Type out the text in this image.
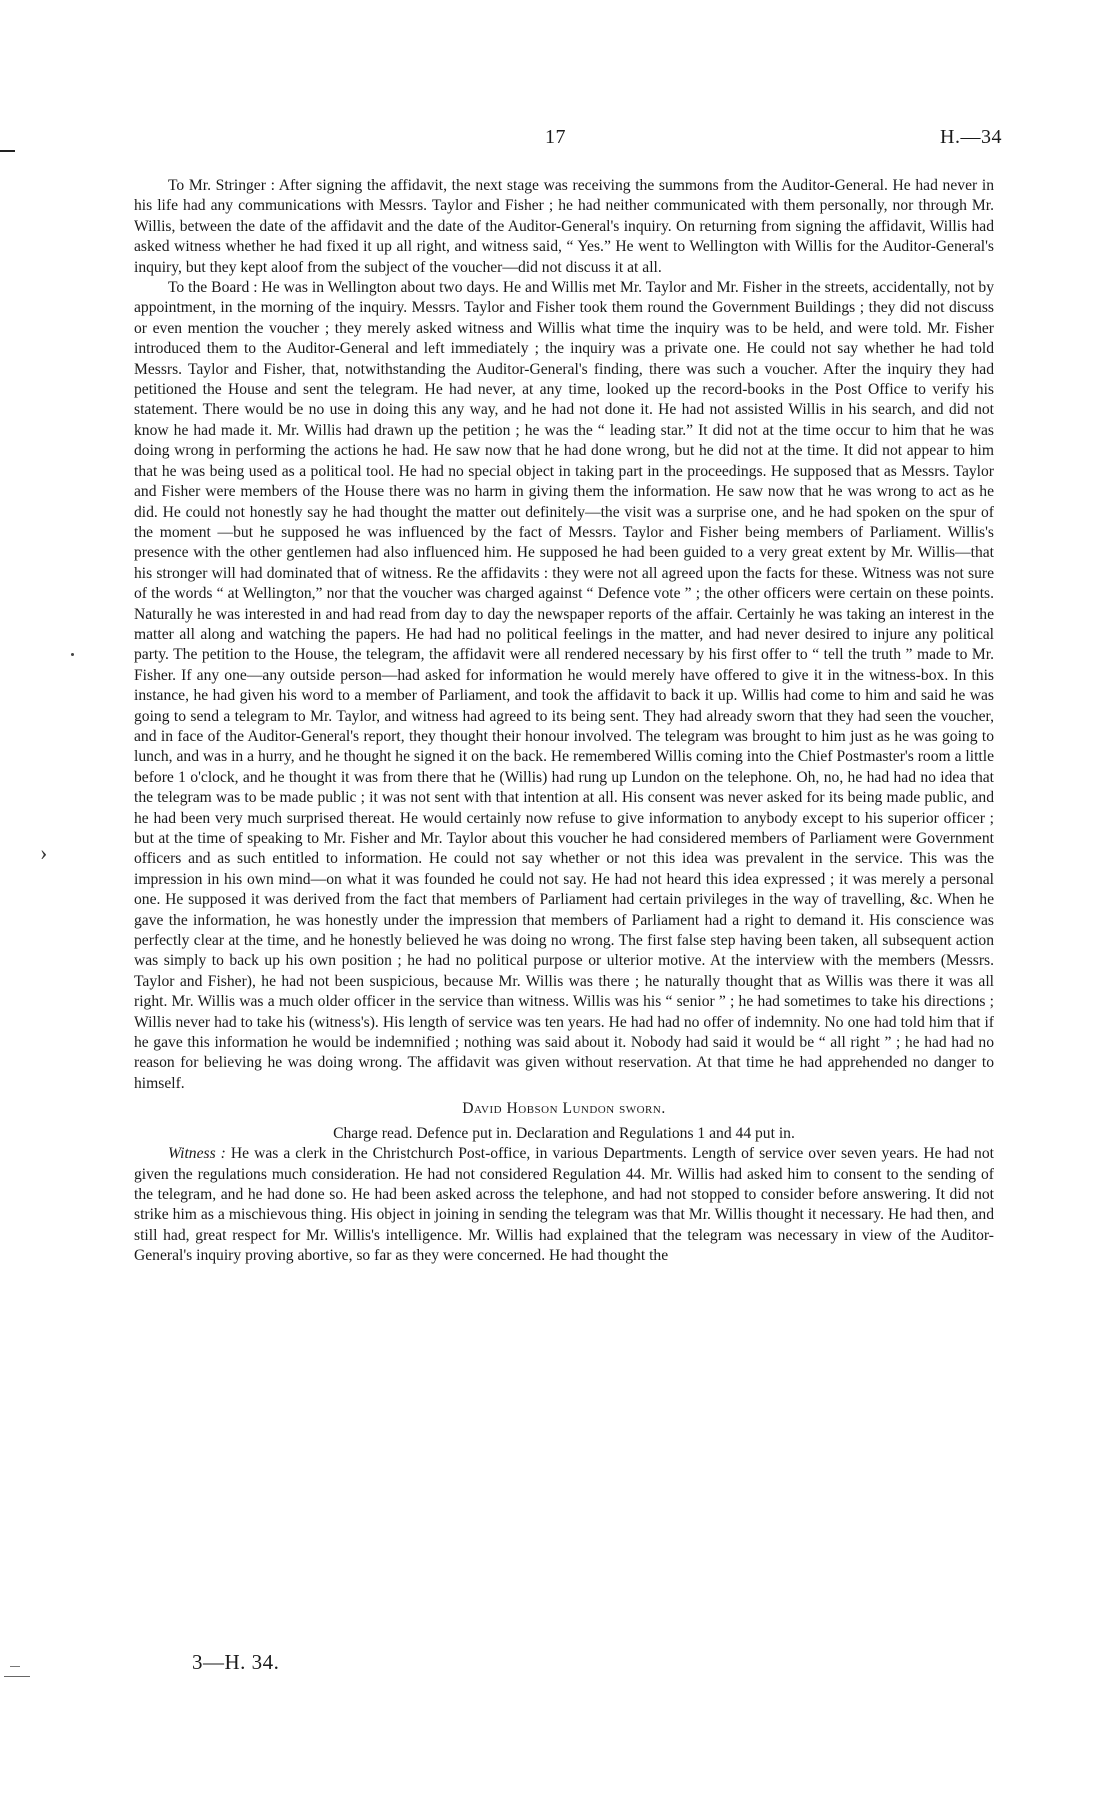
›
17	H.—34

To Mr. Stringer : After signing the affidavit, the next stage was receiving the summons from the Auditor-General. He had never in his life had any communications with Messrs. Taylor and Fisher ; he had neither communicated with them personally, nor through Mr. Willis, between the date of the affidavit and the date of the Auditor-General's inquiry. On returning from signing the affidavit, Willis had asked witness whether he had fixed it up all right, and witness said, “ Yes.” He went to Wellington with Willis for the Auditor-General's inquiry, but they kept aloof from the subject of the voucher—did not discuss it at all.

To the Board : He was in Wellington about two days. He and Willis met Mr. Taylor and Mr. Fisher in the streets, accidentally, not by appointment, in the morning of the inquiry. Messrs. Taylor and Fisher took them round the Government Buildings ; they did not discuss or even mention the voucher ; they merely asked witness and Willis what time the inquiry was to be held, and were told. Mr. Fisher introduced them to the Auditor-General and left immediately ; the inquiry was a private one. He could not say whether he had told Messrs. Taylor and Fisher, that, notwithstanding the Auditor-General's finding, there was such a voucher. After the inquiry they had petitioned the House and sent the telegram. He had never, at any time, looked up the record-books in the Post Office to verify his statement. There would be no use in doing this any way, and he had not done it. He had not assisted Willis in his search, and did not know he had made it. Mr. Willis had drawn up the petition ; he was the “ leading star.” It did not at the time occur to him that he was doing wrong in performing the actions he had. He saw now that he had done wrong, but he did not at the time. It did not appear to him that he was being used as a political tool. He had no special object in taking part in the proceedings. He supposed that as Messrs. Taylor and Fisher were members of the House there was no harm in giving them the information. He saw now that he was wrong to act as he did. He could not honestly say he had thought the matter out definitely—the visit was a surprise one, and he had spoken on the spur of the moment —but he supposed he was influenced by the fact of Messrs. Taylor and Fisher being members of Parliament. Willis's presence with the other gentlemen had also influenced him. He supposed he had been guided to a very great extent by Mr. Willis—that his stronger will had dominated that of witness. Re the affidavits : they were not all agreed upon the facts for these. Witness was not sure of the words “ at Wellington,” nor that the voucher was charged against “ Defence vote ” ; the other officers were certain on these points. Naturally he was interested in and had read from day to day the newspaper reports of the affair. Certainly he was taking an interest in the matter all along and watching the papers. He had had no political feelings in the matter, and had never desired to injure any political party. The petition to the House, the telegram, the affidavit were all rendered necessary by his first offer to “ tell the truth ” made to Mr. Fisher. If any one—any outside person—had asked for information he would merely have offered to give it in the witness-box. In this instance, he had given his word to a member of Parliament, and took the affidavit to back it up. Willis had come to him and said he was going to send a telegram to Mr. Taylor, and witness had agreed to its being sent. They had already sworn that they had seen the voucher, and in face of the Auditor-General's report, they thought their honour involved. The telegram was brought to him just as he was going to lunch, and was in a hurry, and he thought he signed it on the back. He remembered Willis coming into the Chief Postmaster's room a little before 1 o'clock, and he thought it was from there that he (Willis) had rung up Lundon on the telephone. Oh, no, he had had no idea that the telegram was to be made public ; it was not sent with that intention at all. His consent was never asked for its being made public, and he had been very much surprised thereat. He would certainly now refuse to give information to anybody except to his superior officer ; but at the time of speaking to Mr. Fisher and Mr. Taylor about this voucher he had considered members of Parliament were Government officers and as such entitled to information. He could not say whether or not this idea was prevalent in the service. This was the impression in his own mind—on what it was founded he could not say. He had not heard this idea expressed ; it was merely a personal one. He supposed it was derived from the fact that members of Parliament had certain privileges in the way of travelling, &c. When he gave the information, he was honestly under the impression that members of Parliament had a right to demand it. His conscience was perfectly clear at the time, and he honestly believed he was doing no wrong. The first false step having been taken, all subsequent action was simply to back up his own position ; he had no political purpose or ulterior motive. At the interview with the members (Messrs. Taylor and Fisher), he had not been suspicious, because Mr. Willis was there ; he naturally thought that as Willis was there it was all right. Mr. Willis was a much older officer in the service than witness. Willis was his “ senior ” ; he had sometimes to take his directions ; Willis never had to take his (witness's). His length of service was ten years. He had had no offer of indemnity. No one had told him that if he gave this information he would be indemnified ; nothing was said about it. Nobody had said it would be “ all right ” ; he had had no reason for believing he was doing wrong. The affidavit was given without reservation. At that time he had apprehended no danger to himself.

David Hobson Lundon sworn.

Charge read. Defence put in. Declaration and Regulations 1 and 44 put in.

Witness : He was a clerk in the Christchurch Post-office, in various Departments. Length of service over seven years. He had not given the regulations much consideration. He had not considered Regulation 44. Mr. Willis had asked him to consent to the sending of the telegram, and he had done so. He had been asked across the telephone, and had not stopped to consider before answering. It did not strike him as a mischievous thing. His object in joining in sending the telegram was that Mr. Willis thought it necessary. He had then, and still had, great respect for Mr. Willis's intelligence. Mr. Willis had explained that the telegram was necessary in view of the Auditor-General's inquiry proving abortive, so far as they were concerned. He had thought the

3—H. 34.
